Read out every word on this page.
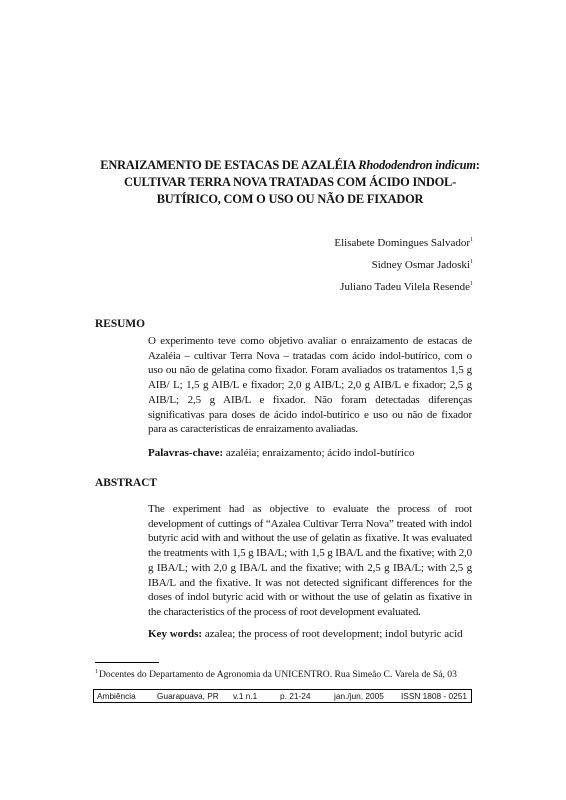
ENRAIZAMENTO DE ESTACAS DE AZALÉIA Rhododendron indicum:
CULTIVAR TERRA NOVA TRATADAS COM ÁCIDO INDOL-
BUTÍRICO, COM O USO OU NÃO DE FIXADOR
Elisabete Domingues Salvador$^1$
Sidney Osmar Jadoski$^1$
Juliano Tadeu Vilela Resende$^1$
RESUMO
O experimento teve como objetivo avaliar o enraizamento de estacas de Azaléia – cultivar Terra Nova – tratadas com ácido indol-butírico, com o uso ou não de gelatina como fixador. Foram avaliados os tratamentos 1,5 g AIB/ L; 1,5 g AIB/L e fixador; 2,0 g AIB/L; 2,0 g AIB/L e fixador; 2,5 g AIB/L; 2,5 g AIB/L e fixador. Não foram detectadas diferenças significativas para doses de ácido indol-butírico e uso ou não de fixador para as características de enraizamento avaliadas.
Palavras-chave: azaléia; enraizamento; ácido indol-butírico
ABSTRACT
The experiment had as objective to evaluate the process of root development of cuttings of “Azalea Cultivar Terra Nova” treated with indol butyric acid with and without the use of gelatin as fixative. It was evaluated the treatments with 1,5 g IBA/L; with 1,5 g IBA/L and the fixative; with 2,0 g IBA/L; with 2,0 g IBA/L and the fixative; with 2,5 g IBA/L; with 2,5 g IBA/L and the fixative. It was not detected significant differences for the doses of indol butyric acid with or without the use of gelatin as fixative in the characteristics of the process of root development evaluated.
Key words: azalea; the process of root development; indol butyric acid
$^1$Docentes do Departamento de Agronomia da UNICENTRO. Rua Simeão C. Varela de Sá, 03
Ambiência	Guarapuava, PR v.1 n.1	p. 21-24	jan./jun. 2005 ISSN 1808 - 0251
